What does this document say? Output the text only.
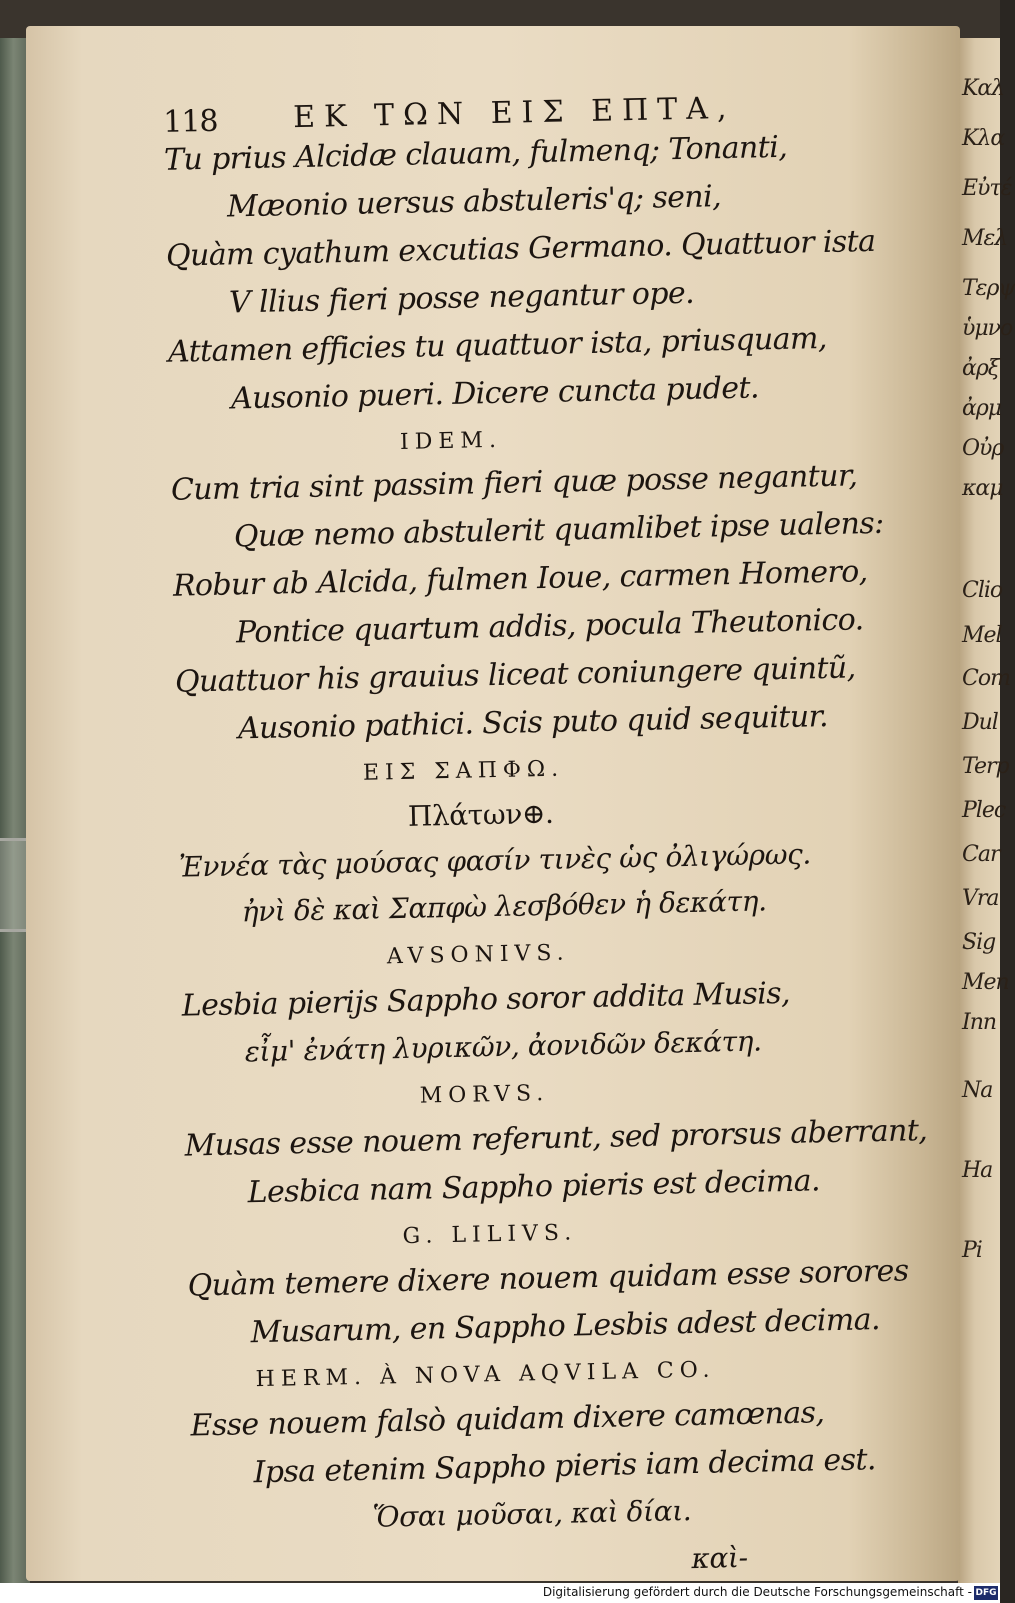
Καλ
Κλα
Εὐτέ
Μελ
Τερψ
ὑμνο
ἀρξ
ἀρμ
Οὐρ
καμ
Clio
Mel
Com
Dul
Terp
Plec
Car
Vra
Sig
Men
Inn
Na
Ha
Pi
118 ΕΚ ΤΩΝ ΕΙΣ ΕΠΤΑ,
Tu prius Alcidæ clauam, fulmenq; Tonanti,
Mæonio uersus abstuleris'q; seni,
Quàm cyathum excutias Germano. Quattuor ista
V llius fieri posse negantur ope.
Attamen efficies tu quattuor ista, priusquam,
Ausonio pueri. Dicere cuncta pudet.
IDEM.
Cum tria sint passim fieri quæ posse negantur,
Quæ nemo abstulerit quamlibet ipse ualens:
Robur ab Alcida, fulmen Ioue, carmen Homero,
Pontice quartum addis, pocula Theutonico.
Quattuor his grauius liceat coniungere quintũ,
Ausonio pathici. Scis puto quid sequitur.
ΕΙΣ ΣΑΠΦΩ.
Πλάτων⊕.
Ἐννέα τὰς μούσας φασίν τινὲς ὡς ὀλιγώρως.
ἠνὶ δὲ καὶ Σαπφὼ λεσβόθεν ἡ δεκάτη.
AVSONIVS.
Lesbia pierijs Sappho soror addita Musis,
εἶμ' ἐνάτη λυρικῶν, ἀονιδῶν δεκάτη.
MORVS.
Musas esse nouem referunt, sed prorsus aberrant,
Lesbica nam Sappho pieris est decima.
G. LILIVS.
Quàm temere dixere nouem quidam esse sorores
Musarum, en Sappho Lesbis adest decima.
HERM. À NOVA AQVILA CO.
Esse nouem falsò quidam dixere camœnas,
Ipsa etenim Sappho pieris iam decima est.
Ὅσαι μοῦσαι, καὶ δίαι.
καὶ-
Digitalisierung gefördert durch die Deutsche Forschungsgemeinschaft - DFG
